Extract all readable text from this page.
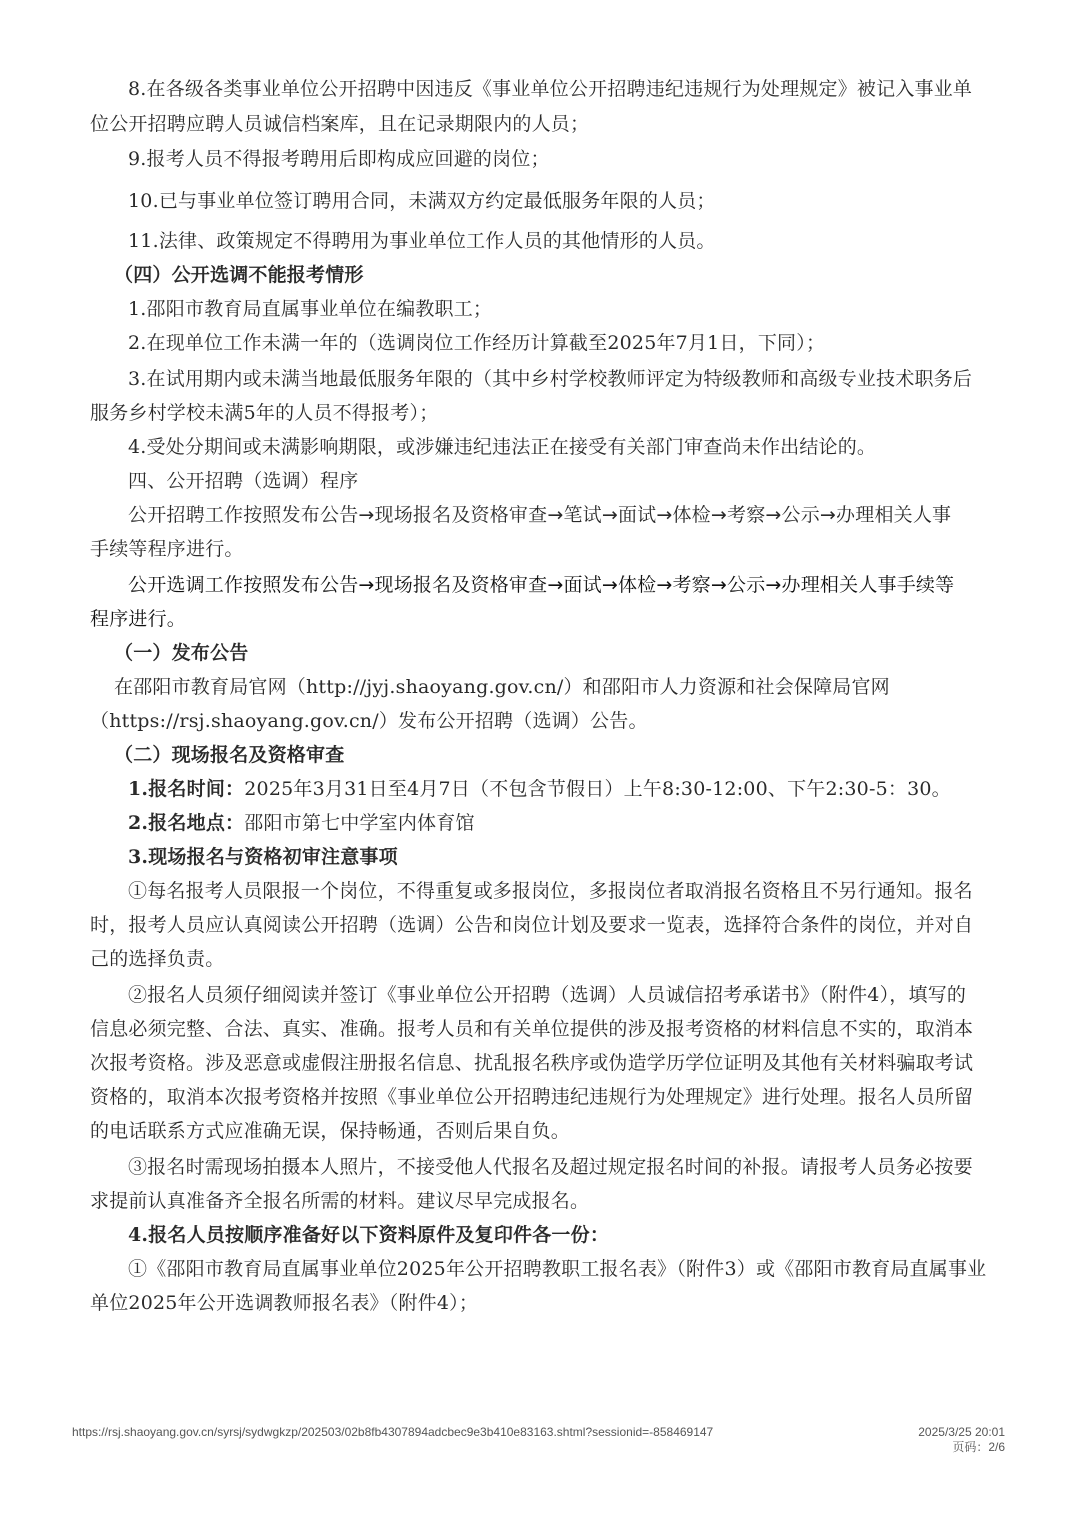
8.在各级各类事业单位公开招聘中因违反《事业单位公开招聘违纪违规行为处理规定》被记入事业单
位公开招聘应聘人员诚信档案库，且在记录期限内的人员；
9.报考人员不得报考聘用后即构成应回避的岗位；
10.已与事业单位签订聘用合同，未满双方约定最低服务年限的人员；
11.法律、政策规定不得聘用为事业单位工作人员的其他情形的人员。
（四）公开选调不能报考情形
1.邵阳市教育局直属事业单位在编教职工；
2.在现单位工作未满一年的（选调岗位工作经历计算截至2025年7月1日，下同）；
3.在试用期内或未满当地最低服务年限的（其中乡村学校教师评定为特级教师和高级专业技术职务后
服务乡村学校未满5年的人员不得报考）；
4.受处分期间或未满影响期限，或涉嫌违纪违法正在接受有关部门审查尚未作出结论的。
四、公开招聘（选调）程序
公开招聘工作按照发布公告→现场报名及资格审查→笔试→面试→体检→考察→公示→办理相关人事
手续等程序进行。
公开选调工作按照发布公告→现场报名及资格审查→面试→体检→考察→公示→办理相关人事手续等
程序进行。
（一）发布公告
在邵阳市教育局官网（http://jyj.shaoyang.gov.cn/）和邵阳市人力资源和社会保障局官网
（https://rsj.shaoyang.gov.cn/）发布公开招聘（选调）公告。
（二）现场报名及资格审查
1.报名时间：2025年3月31日至4月7日（不包含节假日）上午8:30-12:00、下午2:30-5：30。
2.报名地点：邵阳市第七中学室内体育馆
3.现场报名与资格初审注意事项
①每名报考人员限报一个岗位，不得重复或多报岗位，多报岗位者取消报名资格且不另行通知。报名
时，报考人员应认真阅读公开招聘（选调）公告和岗位计划及要求一览表，选择符合条件的岗位，并对自
己的选择负责。
②报名人员须仔细阅读并签订《事业单位公开招聘（选调）人员诚信招考承诺书》（附件4），填写的
信息必须完整、合法、真实、准确。报考人员和有关单位提供的涉及报考资格的材料信息不实的，取消本
次报考资格。涉及恶意或虚假注册报名信息、扰乱报名秩序或伪造学历学位证明及其他有关材料骗取考试
资格的，取消本次报考资格并按照《事业单位公开招聘违纪违规行为处理规定》进行处理。报名人员所留
的电话联系方式应准确无误，保持畅通，否则后果自负。
③报名时需现场拍摄本人照片，不接受他人代报名及超过规定报名时间的补报。请报考人员务必按要
求提前认真准备齐全报名所需的材料。建议尽早完成报名。
4.报名人员按顺序准备好以下资料原件及复印件各一份：
①《邵阳市教育局直属事业单位2025年公开招聘教职工报名表》（附件3）或《邵阳市教育局直属事业
单位2025年公开选调教师报名表》（附件4）；
https://rsj.shaoyang.gov.cn/syrsj/sydwgkzp/202503/02b8fb4307894adcbec9e3b410e83163.shtml?sessionid=-858469147	2025/3/25 20:01
页码：2/6
